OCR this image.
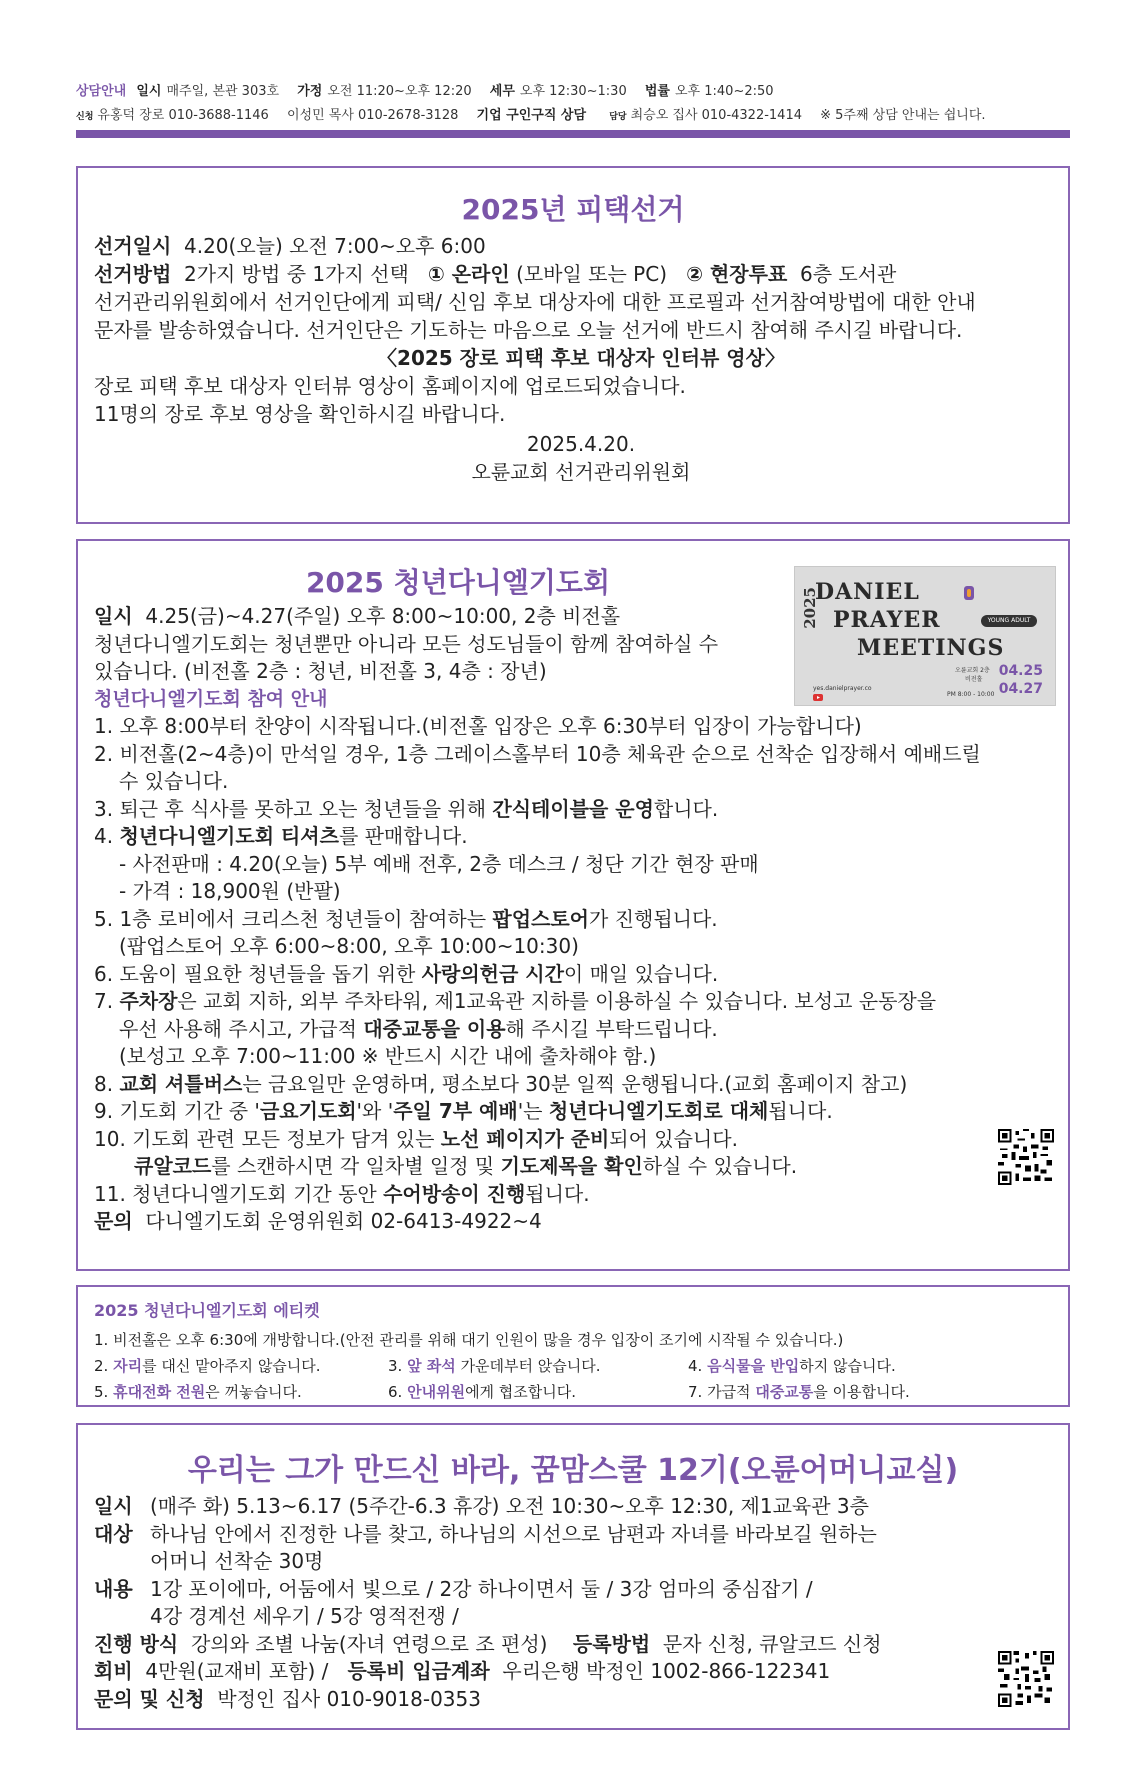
상담안내 일시 매주일, 본관 303호 가정 오전 11:20~오후 12:20 세무 오후 12:30~1:30 법률 오후 1:40~2:50
신청 유홍덕 장로 010-3688-1146 이성민 목사 010-2678-3128 기업 구인구직 상담	담당 최승오 집사 010-4322-1414 ※ 5주째 상담 안내는 쉽니다.
2025년 피택선거
선거일시 4.20(오늘) 오전 7:00~오후 6:00
선거방법 2가지 방법 중 1가지 선택 ① 온라인 (모바일 또는 PC) ② 현장투표 6층 도서관
선거관리위원회에서 선거인단에게 피택/ 신임 후보 대상자에 대한 프로필과 선거참여방법에 대한 안내
문자를 발송하였습니다. 선거인단은 기도하는 마음으로 오늘 선거에 반드시 참여해 주시길 바랍니다.
〈2025 장로 피택 후보 대상자 인터뷰 영상〉
장로 피택 후보 대상자 인터뷰 영상이 홈페이지에 업로드되었습니다.
11명의 장로 후보 영상을 확인하시길 바랍니다.
2025.4.20.
오륜교회 선거관리위원회
2025 청년다니엘기도회
2025
DANIEL
PRAYER	YOUNG ADULT
MEETINGS
오륜교회 2층
비전홀
PM 8:00 - 10:00
04.25
04.27
yes.danielprayer.co
일시 4.25(금)~4.27(주일) 오후 8:00~10:00, 2층 비전홀
청년다니엘기도회는 청년뿐만 아니라 모든 성도님들이 함께 참여하실 수
있습니다. (비전홀 2층 : 청년, 비전홀 3, 4층 : 장년)
청년다니엘기도회 참여 안내
1. 오후 8:00부터 찬양이 시작됩니다.(비전홀 입장은 오후 6:30부터 입장이 가능합니다)
2. 비전홀(2~4층)이 만석일 경우, 1층 그레이스홀부터 10층 체육관 순으로 선착순 입장해서 예배드릴
수 있습니다.
3. 퇴근 후 식사를 못하고 오는 청년들을 위해 간식테이블을 운영합니다.
4. 청년다니엘기도회 티셔츠를 판매합니다.
- 사전판매 : 4.20(오늘) 5부 예배 전후, 2층 데스크 / 청단 기간 현장 판매
- 가격 : 18,900원 (반팔)
5. 1층 로비에서 크리스천 청년들이 참여하는 팝업스토어가 진행됩니다.
(팝업스토어 오후 6:00~8:00, 오후 10:00~10:30)
6. 도움이 필요한 청년들을 돕기 위한 사랑의헌금 시간이 매일 있습니다.
7. 주차장은 교회 지하, 외부 주차타워, 제1교육관 지하를 이용하실 수 있습니다. 보성고 운동장을
우선 사용해 주시고, 가급적 대중교통을 이용해 주시길 부탁드립니다.
(보성고 오후 7:00~11:00 ※ 반드시 시간 내에 출차해야 함.)
8. 교회 셔틀버스는 금요일만 운영하며, 평소보다 30분 일찍 운행됩니다.(교회 홈페이지 참고)
9. 기도회 기간 중 '금요기도회'와 '주일 7부 예배'는 청년다니엘기도회로 대체됩니다.
10. 기도회 관련 모든 정보가 담겨 있는 노선 페이지가 준비되어 있습니다.
큐알코드를 스캔하시면 각 일차별 일정 및 기도제목을 확인하실 수 있습니다.
11. 청년다니엘기도회 기간 동안 수어방송이 진행됩니다.
문의 다니엘기도회 운영위원회 02-6413-4922~4
2025 청년다니엘기도회 에티켓
1. 비전홀은 오후 6:30에 개방합니다.(안전 관리를 위해 대기 인원이 많을 경우 입장이 조기에 시작될 수 있습니다.)
2. 자리를 대신 맡아주지 않습니다.	3. 앞 좌석 가운데부터 앉습니다.	4. 음식물을 반입하지 않습니다.
5. 휴대전화 전원은 꺼놓습니다.	6. 안내위원에게 협조합니다.	7. 가급적 대중교통을 이용합니다.
우리는 그가 만드신 바라, 꿈맘스쿨 12기(오륜어머니교실)
일시 (매주 화) 5.13~6.17 (5주간-6.3 휴강) 오전 10:30~오후 12:30, 제1교육관 3층
대상 하나님 안에서 진정한 나를 찾고, 하나님의 시선으로 남편과 자녀를 바라보길 원하는
어머니 선착순 30명
내용 1강 포이에마, 어둠에서 빛으로 / 2강 하나이면서 둘 / 3강 엄마의 중심잡기 /
4강 경계선 세우기 / 5강 영적전쟁 /
진행 방식 강의와 조별 나눔(자녀 연령으로 조 편성) 등록방법 문자 신청, 큐알코드 신청
회비 4만원(교재비 포함) / 등록비 입금계좌 우리은행 박정인 1002-866-122341
문의 및 신청 박정인 집사 010-9018-0353
